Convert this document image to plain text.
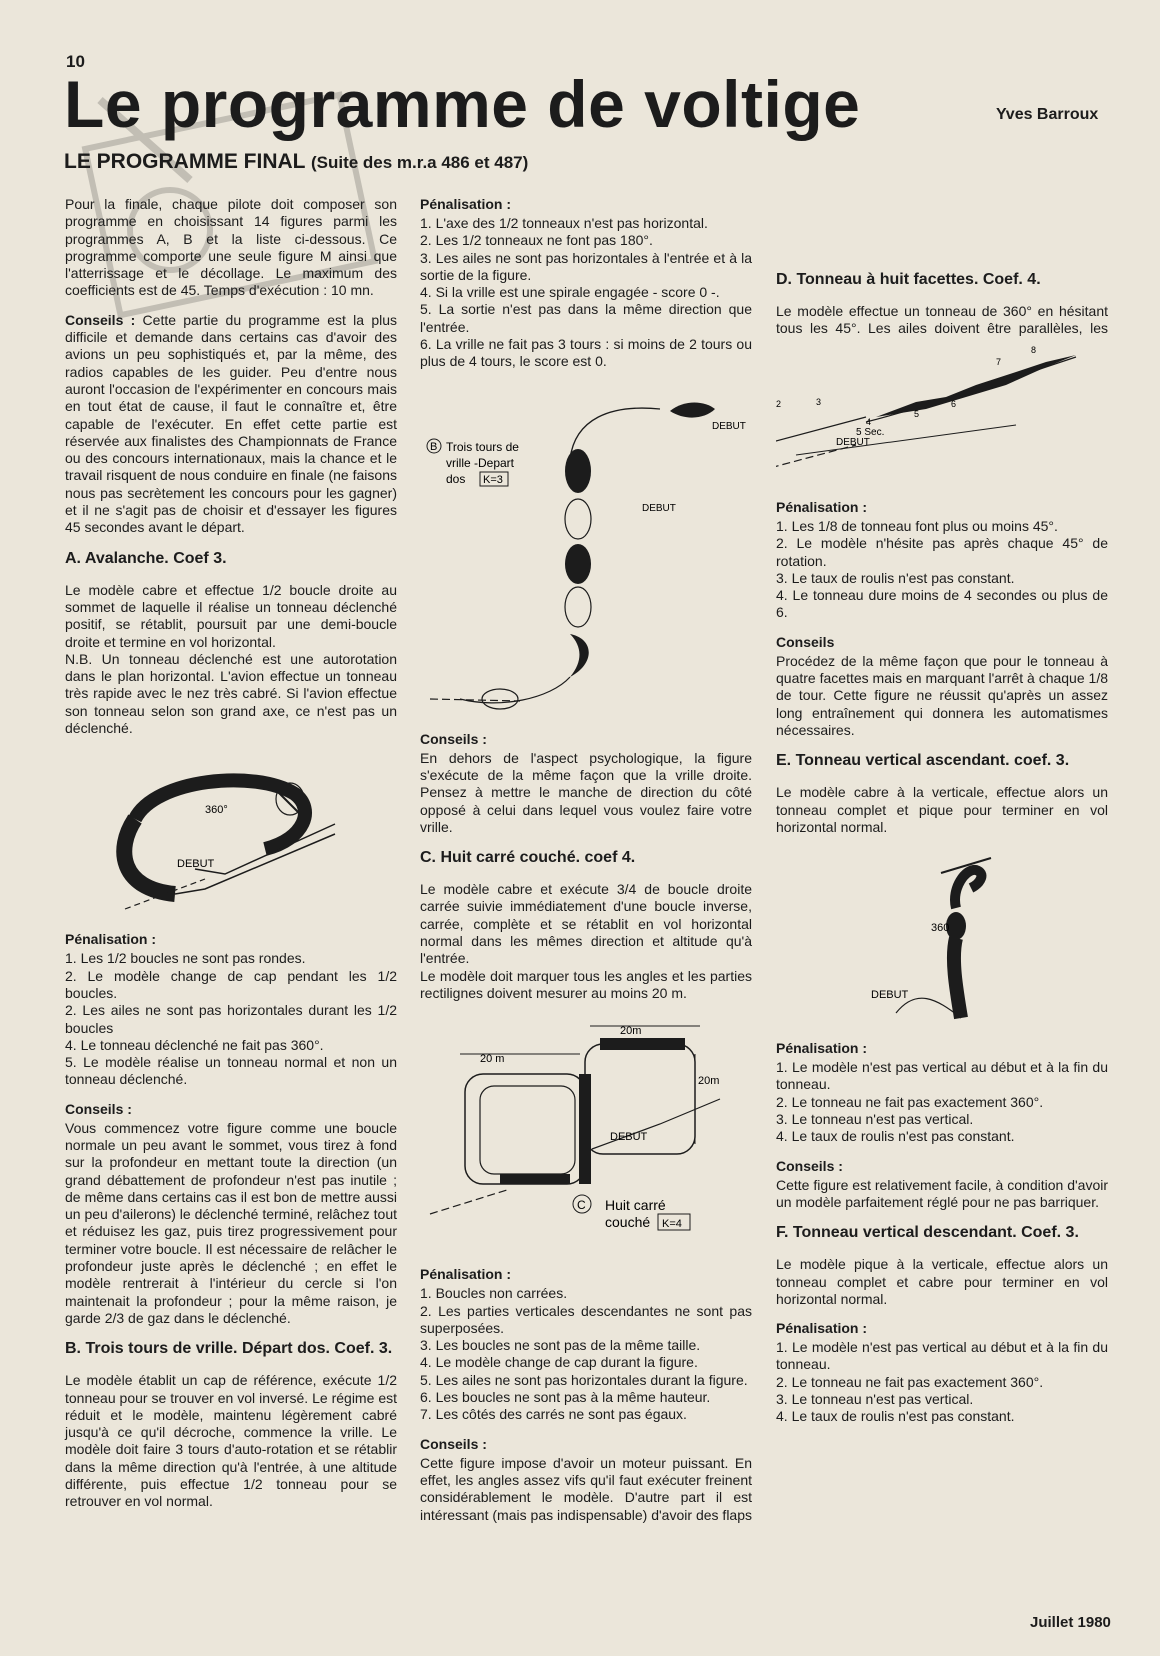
10
Le programme de voltige	Yves Barroux
LE PROGRAMME FINAL (Suite des m.r.a 486 et 487)

Pour la finale, chaque pilote doit composer son programme en choisissant 14 figures parmi les programmes A, B et la liste ci-dessous. Ce programme comporte une seule figure M ainsi que l'atterrissage et le décollage. Le maximum des coefficients est de 45. Temps d'exécution : 10 mn.

Conseils : Cette partie du programme est la plus difficile et demande dans certains cas d'avoir des avions un peu sophistiqués et, par la même, des radios capables de les guider. Peu d'entre nous auront l'occasion de l'expérimenter en concours mais en tout état de cause, il faut le connaître et, être capable de l'exécuter. En effet cette partie est réservée aux finalistes des Championnats de France ou des concours internationaux, mais la chance et le travail risquent de nous conduire en finale (ne faisons nous pas secrètement les concours pour les gagner) et il ne s'agit pas de choisir et d'essayer les figures 45 secondes avant le départ.

A. Avalanche. Coef 3.

Le modèle cabre et effectue 1/2 boucle droite au sommet de laquelle il réalise un tonneau déclenché positif, se rétablit, poursuit par une demi-boucle droite et termine en vol horizontal.

N.B. Un tonneau déclenché est une autorotation dans le plan horizontal. L'avion effectue un tonneau très rapide avec le nez très cabré. Si l'avion effectue son tonneau selon son grand axe, ce n'est pas un déclenché.

360°
DEBUT
Pénalisation :
1. Les 1/2 boucles ne sont pas rondes.
2. Le modèle change de cap pendant les 1/2 boucles.
2. Les ailes ne sont pas horizontales durant les 1/2 boucles
4. Le tonneau déclenché ne fait pas 360°.
5. Le modèle réalise un tonneau normal et non un tonneau déclenché.
Conseils :

Vous commencez votre figure comme une boucle normale un peu avant le sommet, vous tirez à fond sur la profondeur en mettant toute la direction (un grand débattement de profondeur n'est pas inutile ; de même dans certains cas il est bon de mettre aussi un peu d'ailerons) le déclenché terminé, relâchez tout et réduisez les gaz, puis tirez progressivement pour terminer votre boucle. Il est nécessaire de relâcher le profondeur juste après le déclenché ; en effet le modèle rentrerait à l'intérieur du cercle si l'on maintenait la profondeur ; pour la même raison, je garde 2/3 de gaz dans le déclenché.

B. Trois tours de vrille. Départ dos. Coef. 3.

Le modèle établit un cap de référence, exécute 1/2 tonneau pour se trouver en vol inversé. Le régime est réduit et le modèle, maintenu légèrement cabré jusqu'à ce qu'il décroche, commence la vrille. Le modèle doit faire 3 tours d'auto-rotation et se rétablir dans la même direction qu'à l'entrée, à une altitude différente, puis effectue 1/2 tonneau pour se retrouver en vol normal.

Pénalisation :
1. L'axe des 1/2 tonneaux n'est pas horizontal.
2. Les 1/2 tonneaux ne font pas 180°.
3. Les ailes ne sont pas horizontales à l'entrée et à la sortie de la figure.
4. Si la vrille est une spirale engagée - score 0 -.
5. La sortie n'est pas dans la même direction que l'entrée.
6. La vrille ne fait pas 3 tours : si moins de 2 tours ou plus de 4 tours, le score est 0.
B Trois tours de
vrille -Depart
dos K=3
DEBUT
DEBUT
Conseils :

En dehors de l'aspect psychologique, la figure s'exécute de la même façon que la vrille droite. Pensez à mettre le manche de direction du côté opposé à celui dans lequel vous voulez faire votre vrille.

C. Huit carré couché. coef 4.

Le modèle cabre et exécute 3/4 de boucle droite carrée suivie immédiatement d'une boucle inverse, carrée, complète et se rétablit en vol horizontal normal dans les mêmes direction et altitude qu'à l'entrée.

Le modèle doit marquer tous les angles et les parties rectilignes doivent mesurer au moins 20 m.

20m
20 m
20m
DEBUT
C Huit carré
couché K=4
Pénalisation :
1. Boucles non carrées.
2. Les parties verticales descendantes ne sont pas superposées.
3. Les boucles ne sont pas de la même taille.
4. Le modèle change de cap durant la figure.
5. Les ailes ne sont pas horizontales durant la figure.
6. Les boucles ne sont pas à la même hauteur.
7. Les côtés des carrés ne sont pas égaux.
Conseils :

Cette figure impose d'avoir un moteur puissant. En effet, les angles assez vifs qu'il faut exécuter freinent considérablement le modèle. D'autre part il est intéressant (mais pas indispensable) d'avoir des flaps

D. Tonneau à huit facettes. Coef. 4.

Le modèle effectue un tonneau de 360° en hésitant tous les 45°. Les ailes doivent être parallèles, les

DEBUT
5 Sec.
2	3
4
5
6
7
8
Pénalisation :
1. Les 1/8 de tonneau font plus ou moins 45°.
2. Le modèle n'hésite pas après chaque 45° de rotation.
3. Le taux de roulis n'est pas constant.
4. Le tonneau dure moins de 4 secondes ou plus de 6.
Conseils

Procédez de la même façon que pour le tonneau à quatre facettes mais en marquant l'arrêt à chaque 1/8 de tour. Cette figure ne réussit qu'après un assez long entraînement qui donnera les automatismes nécessaires.

E. Tonneau vertical ascendant. coef. 3.

Le modèle cabre à la verticale, effectue alors un tonneau complet et pique pour terminer en vol horizontal normal.

360
DEBUT
Pénalisation :
1. Le modèle n'est pas vertical au début et à la fin du tonneau.
2. Le tonneau ne fait pas exactement 360°.
3. Le tonneau n'est pas vertical.
4. Le taux de roulis n'est pas constant.
Conseils :

Cette figure est relativement facile, à condition d'avoir un modèle parfaitement réglé pour ne pas barriquer.

F. Tonneau vertical descendant. Coef. 3.

Le modèle pique à la verticale, effectue alors un tonneau complet et cabre pour terminer en vol horizontal normal.

Pénalisation :
1. Le modèle n'est pas vertical au début et à la fin du tonneau.
2. Le tonneau ne fait pas exactement 360°.
3. Le tonneau n'est pas vertical.
4. Le taux de roulis n'est pas constant.
Juillet 1980
